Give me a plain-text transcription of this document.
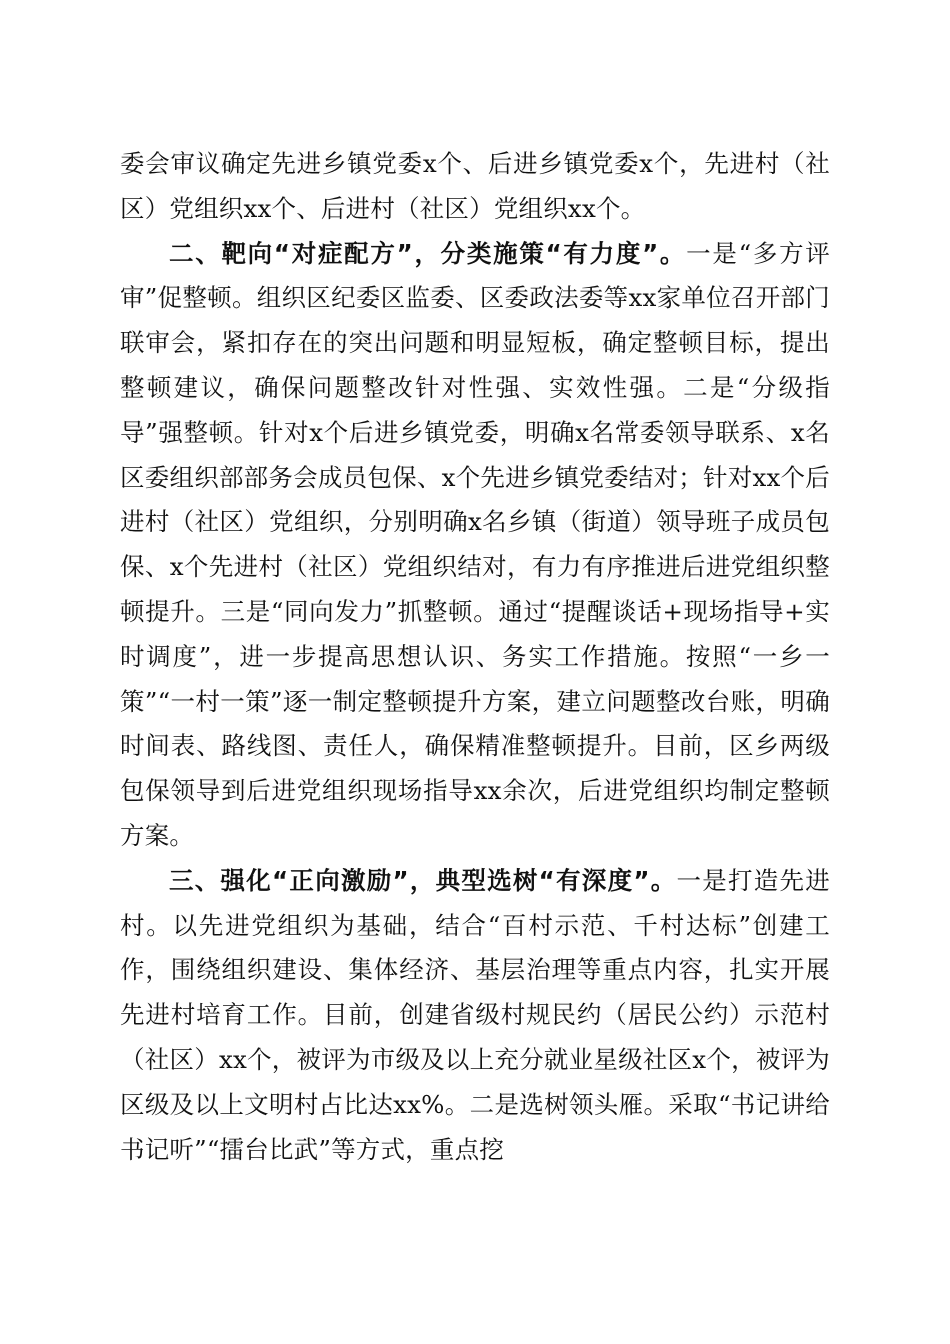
委会审议确定先进乡镇党委x个、后进乡镇党委x个，先进村（社区）党组织xx个、后进村（社区）党组织xx个。

二、靶向“对症配方”，分类施策“有力度”。一是“多方评审”促整顿。组织区纪委区监委、区委政法委等xx家单位召开部门联审会，紧扣存在的突出问题和明显短板，确定整顿目标，提出整顿建议，确保问题整改针对性强、实效性强。二是“分级指导”强整顿。针对x个后进乡镇党委，明确x名常委领导联系、x名区委组织部部务会成员包保、x个先进乡镇党委结对；针对xx个后进村（社区）党组织，分别明确x名乡镇（街道）领导班子成员包保、x个先进村（社区）党组织结对，有力有序推进后进党组织整顿提升。三是“同向发力”抓整顿。通过“提醒谈话+现场指导+实时调度”，进一步提高思想认识、务实工作措施。按照“一乡一策”“一村一策”逐一制定整顿提升方案，建立问题整改台账，明确时间表、路线图、责任人，确保精准整顿提升。目前，区乡两级包保领导到后进党组织现场指导xx余次，后进党组织均制定整顿方案。

三、强化“正向激励”，典型选树“有深度”。一是打造先进村。以先进党组织为基础，结合“百村示范、千村达标”创建工作，围绕组织建设、集体经济、基层治理等重点内容，扎实开展先进村培育工作。目前，创建省级村规民约（居民公约）示范村（社区）xx个，被评为市级及以上充分就业星级社区x个，被评为区级及以上文明村占比达xx%。二是选树领头雁。采取“书记讲给书记听”“擂台比武”等方式，重点挖
